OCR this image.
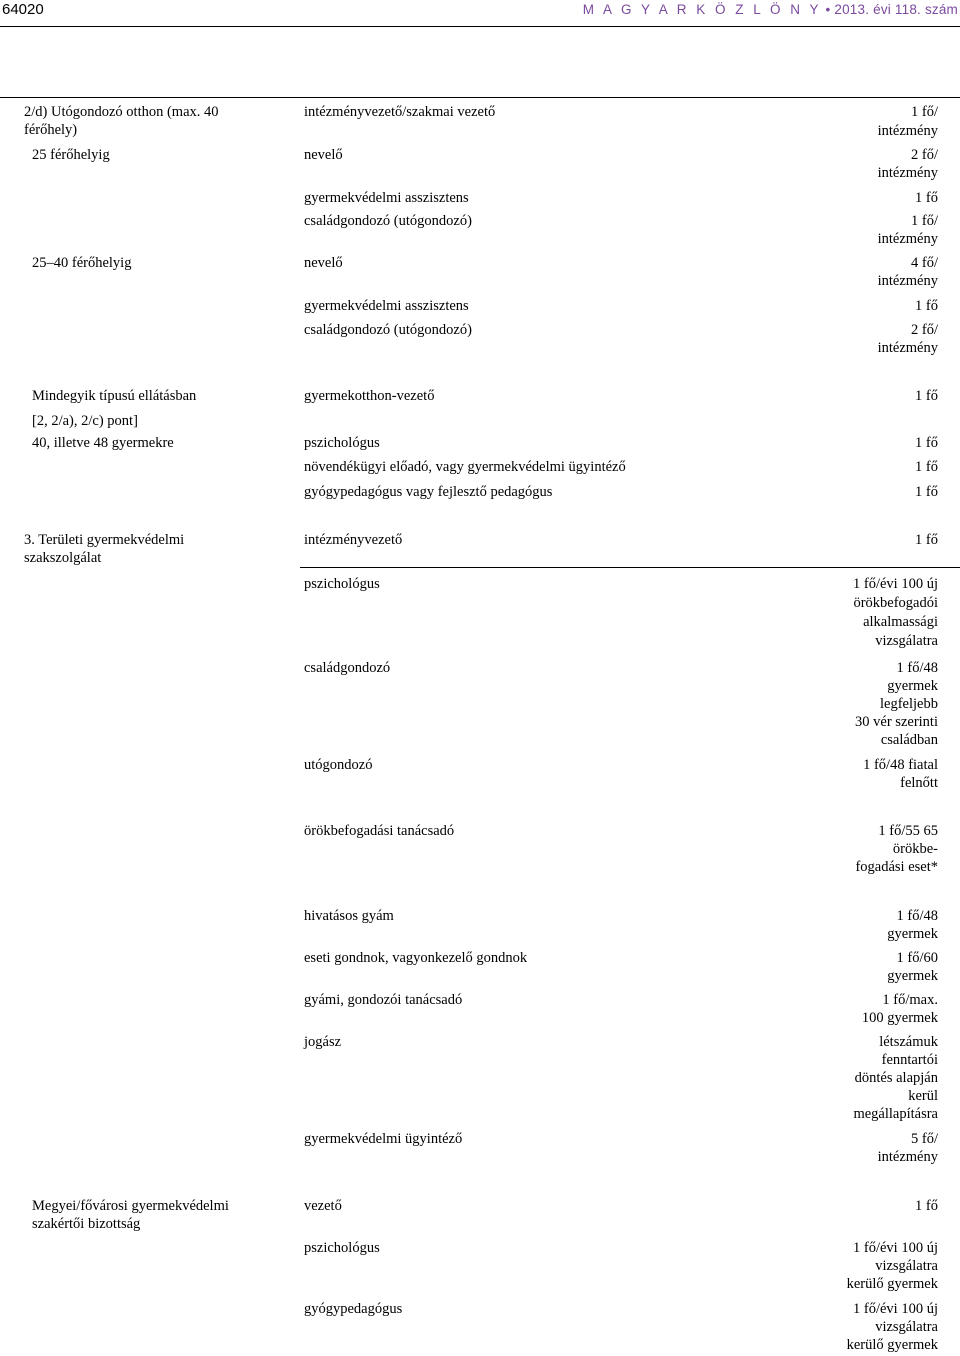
64020	M A G Y A R K Ö Z L Ö N Y • 2013. évi 118. szám
2/d) Utógondozó otthon (max. 40
férőhely)
intézményvezető/szakmai vezető	1 fő/
intézmény
25 férőhelyig	nevelő	2 fő/
intézmény
gyermekvédelmi asszisztens	1 fő
családgondozó (utógondozó)	1 fő/
intézmény
25–40 férőhelyig	nevelő	4 fő/
intézmény
gyermekvédelmi asszisztens	1 fő
családgondozó (utógondozó)	2 fő/
intézmény
Mindegyik típusú ellátásban
[2, 2/a), 2/c) pont]
gyermekotthon-vezető	1 fő
40, illetve 48 gyermekre	pszichológus	1 fő
növendékügyi előadó, vagy gyermekvédelmi ügyintéző	1 fő
gyógypedagógus vagy fejlesztő pedagógus	1 fő
3. Területi gyermekvédelmi
szakszolgálat
intézményvezető	1 fő
pszichológus	1 fő/évi 100 új
örökbefogadói
alkalmassági
vizsgálatra
családgondozó	1 fő/48
gyermek
legfeljebb
30 vér szerinti
családban
utógondozó	1 fő/48 fiatal
felnőtt
örökbefogadási tanácsadó	1 fő/55 65
örökbe-
fogadási eset*
hivatásos gyám	1 fő/48
gyermek
eseti gondnok, vagyonkezelő gondnok	1 fő/60
gyermek
gyámi, gondozói tanácsadó	1 fő/max.
100 gyermek
jogász	létszámuk
fenntartói
döntés alapján
kerül
megállapításra
gyermekvédelmi ügyintéző	5 fő/
intézmény
Megyei/fővárosi gyermekvédelmi
szakértői bizottság
vezető	1 fő
pszichológus	1 fő/évi 100 új
vizsgálatra
kerülő gyermek
gyógypedagógus	1 fő/évi 100 új
vizsgálatra
kerülő gyermek
